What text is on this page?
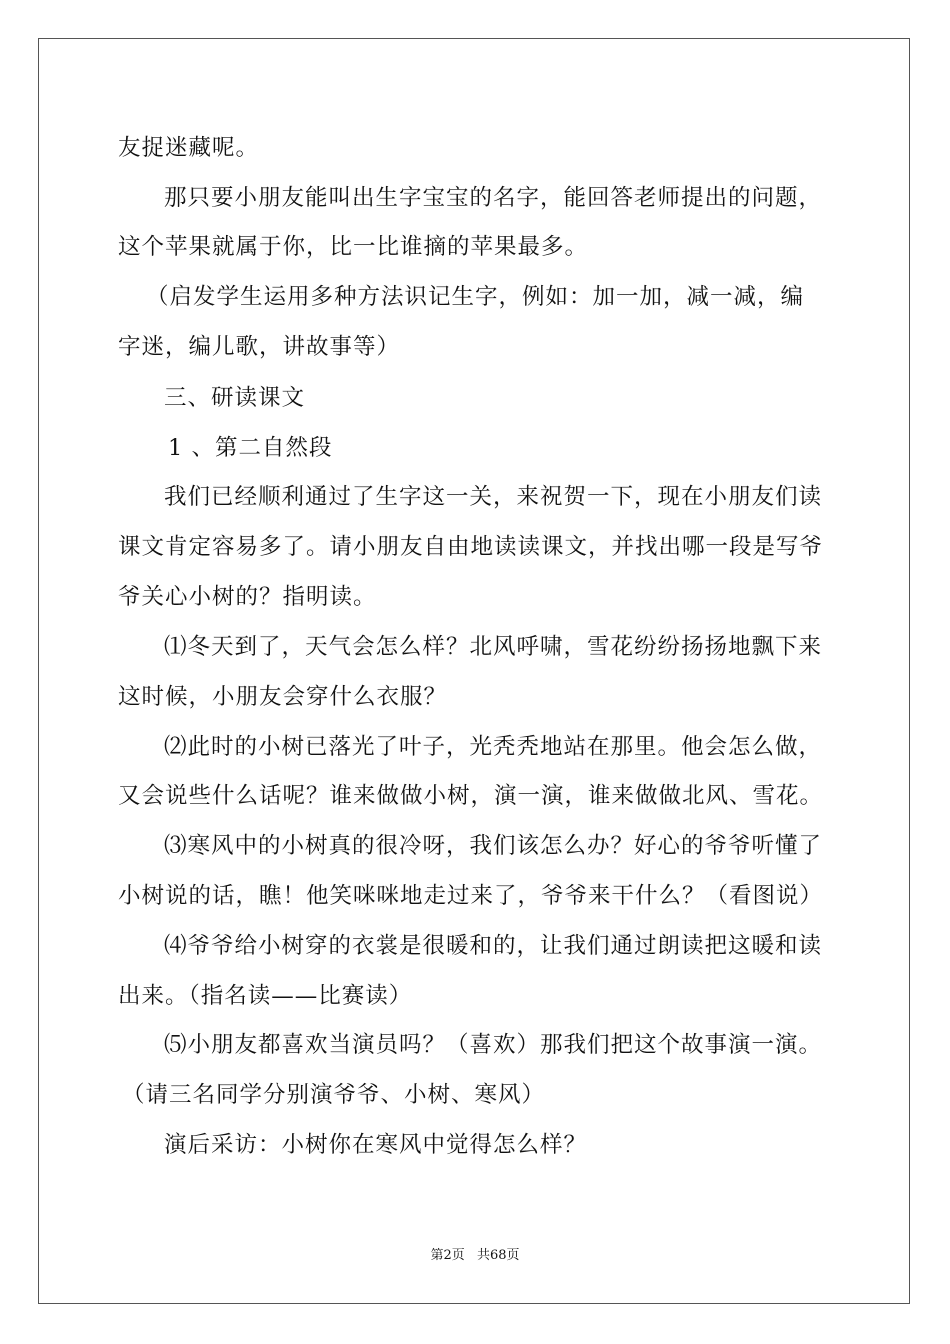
友捉迷藏呢。
那只要小朋友能叫出生字宝宝的名字，能回答老师提出的问题，
这个苹果就属于你，比一比谁摘的苹果最多。
（启发学生运用多种方法识记生字，例如：加一加，减一减，编
字迷，编儿歌，讲故事等）
三、研读课文
1 、第二自然段
我们已经顺利通过了生字这一关，来祝贺一下，现在小朋友们读
课文肯定容易多了。请小朋友自由地读读课文，并找出哪一段是写爷
爷关心小树的？指明读。
⑴冬天到了，天气会怎么样？北风呼啸，雪花纷纷扬扬地飘下来
这时候，小朋友会穿什么衣服？
⑵此时的小树已落光了叶子，光秃秃地站在那里。他会怎么做，
又会说些什么话呢？谁来做做小树，演一演，谁来做做北风、雪花。
⑶寒风中的小树真的很冷呀，我们该怎么办？好心的爷爷听懂了
小树说的话，瞧！他笑咪咪地走过来了，爷爷来干什么？（看图说）
⑷爷爷给小树穿的衣裳是很暖和的，让我们通过朗读把这暖和读
出来。（指名读——比赛读）
⑸小朋友都喜欢当演员吗？（喜欢）那我们把这个故事演一演。
（请三名同学分别演爷爷、小树、寒风）
演后采访：小树你在寒风中觉得怎么样？
第2页 共68页
